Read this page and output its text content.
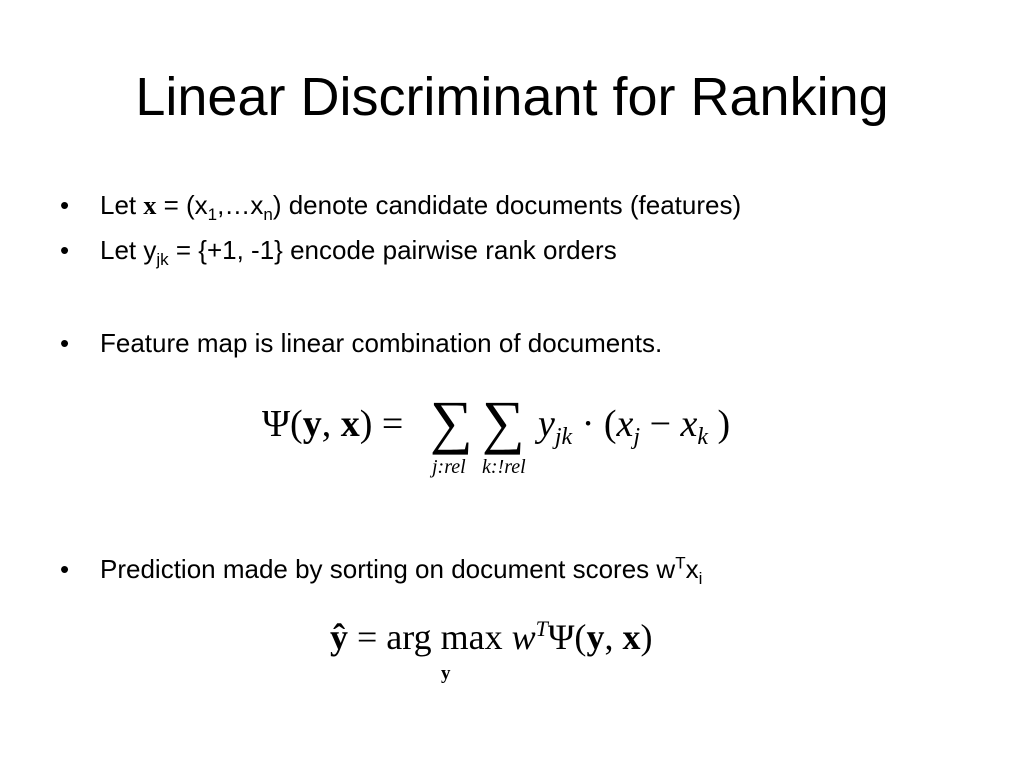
Linear Discriminant for Ranking
• Let $x = (x_1,\dots x_n)$ denote candidate documents (features)
• Let $y_{jk} = \{+1$, -1} encode pairwise rank orders
• Feature map is linear combination of documents.
Ψ(y, x) = ∑
j:rel
∑
k:!rel
$y_{jk} \cdot (x_j - x_k$ )
• Prediction made by sorting on document scores $w^Tx_i$
ŷ = arg $\max w^T\Psi(y$, x)
y
